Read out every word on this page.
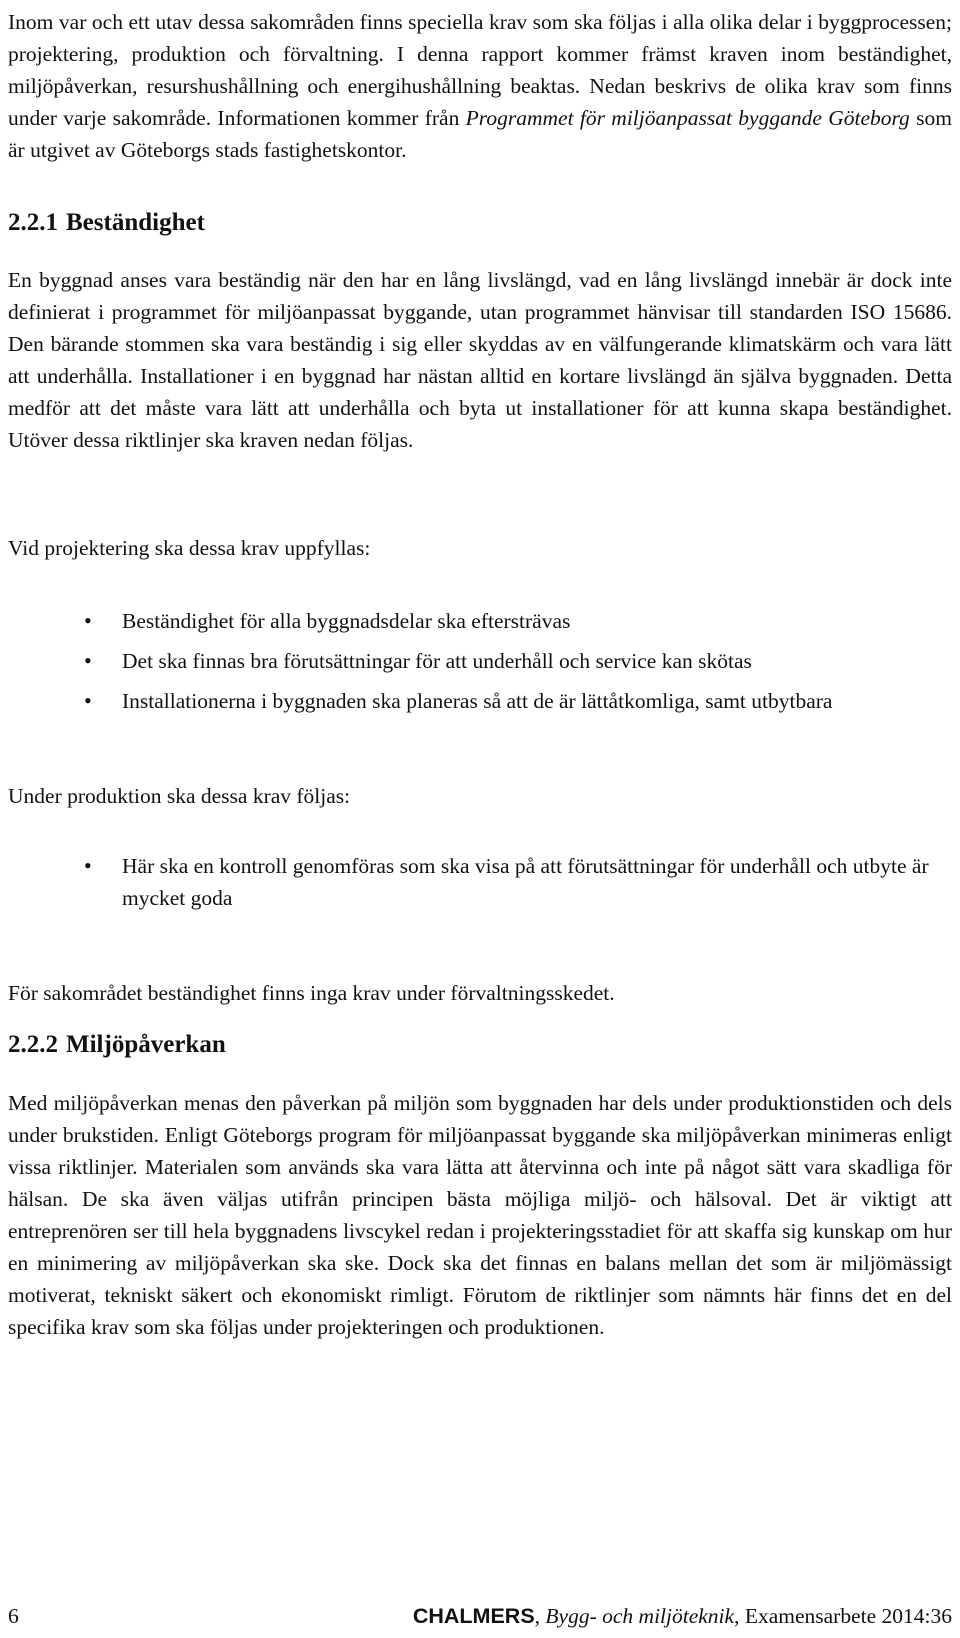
Inom var och ett utav dessa sakområden finns speciella krav som ska följas i alla olika delar i byggprocessen; projektering, produktion och förvaltning. I denna rapport kommer främst kraven inom beständighet, miljöpåverkan, resurshushållning och energihushållning beaktas. Nedan beskrivs de olika krav som finns under varje sakområde. Informationen kommer från Programmet för miljöanpassat byggande Göteborg som är utgivet av Göteborgs stads fastighetskontor.

2.2.1 Beständighet

En byggnad anses vara beständig när den har en lång livslängd, vad en lång livslängd innebär är dock inte definierat i programmet för miljöanpassat byggande, utan programmet hänvisar till standarden ISO 15686. Den bärande stommen ska vara beständig i sig eller skyddas av en välfungerande klimatskärm och vara lätt att underhålla. Installationer i en byggnad har nästan alltid en kortare livslängd än själva byggnaden. Detta medför att det måste vara lätt att underhålla och byta ut installationer för att kunna skapa beständighet. Utöver dessa riktlinjer ska kraven nedan följas.

Vid projektering ska dessa krav uppfyllas:

• Beständighet för alla byggnadsdelar ska eftersträvas
• Det ska finnas bra förutsättningar för att underhåll och service kan skötas
• Installationerna i byggnaden ska planeras så att de är lättåtkomliga, samt utbytbara

Under produktion ska dessa krav följas:

• Här ska en kontroll genomföras som ska visa på att förutsättningar för underhåll och utbyte är mycket goda

För sakområdet beständighet finns inga krav under förvaltningsskedet.

2.2.2 Miljöpåverkan

Med miljöpåverkan menas den påverkan på miljön som byggnaden har dels under produktionstiden och dels under brukstiden. Enligt Göteborgs program för miljöanpassat byggande ska miljöpåverkan minimeras enligt vissa riktlinjer. Materialen som används ska vara lätta att återvinna och inte på något sätt vara skadliga för hälsan. De ska även väljas utifrån principen bästa möjliga miljö- och hälsoval. Det är viktigt att entreprenören ser till hela byggnadens livscykel redan i projekteringsstadiet för att skaffa sig kunskap om hur en minimering av miljöpåverkan ska ske. Dock ska det finnas en balans mellan det som är miljömässigt motiverat, tekniskt säkert och ekonomiskt rimligt. Förutom de riktlinjer som nämnts här finns det en del specifika krav som ska följas under projekteringen och produktionen.

6	CHALMERS, Bygg- och miljöteknik, Examensarbete 2014:36
